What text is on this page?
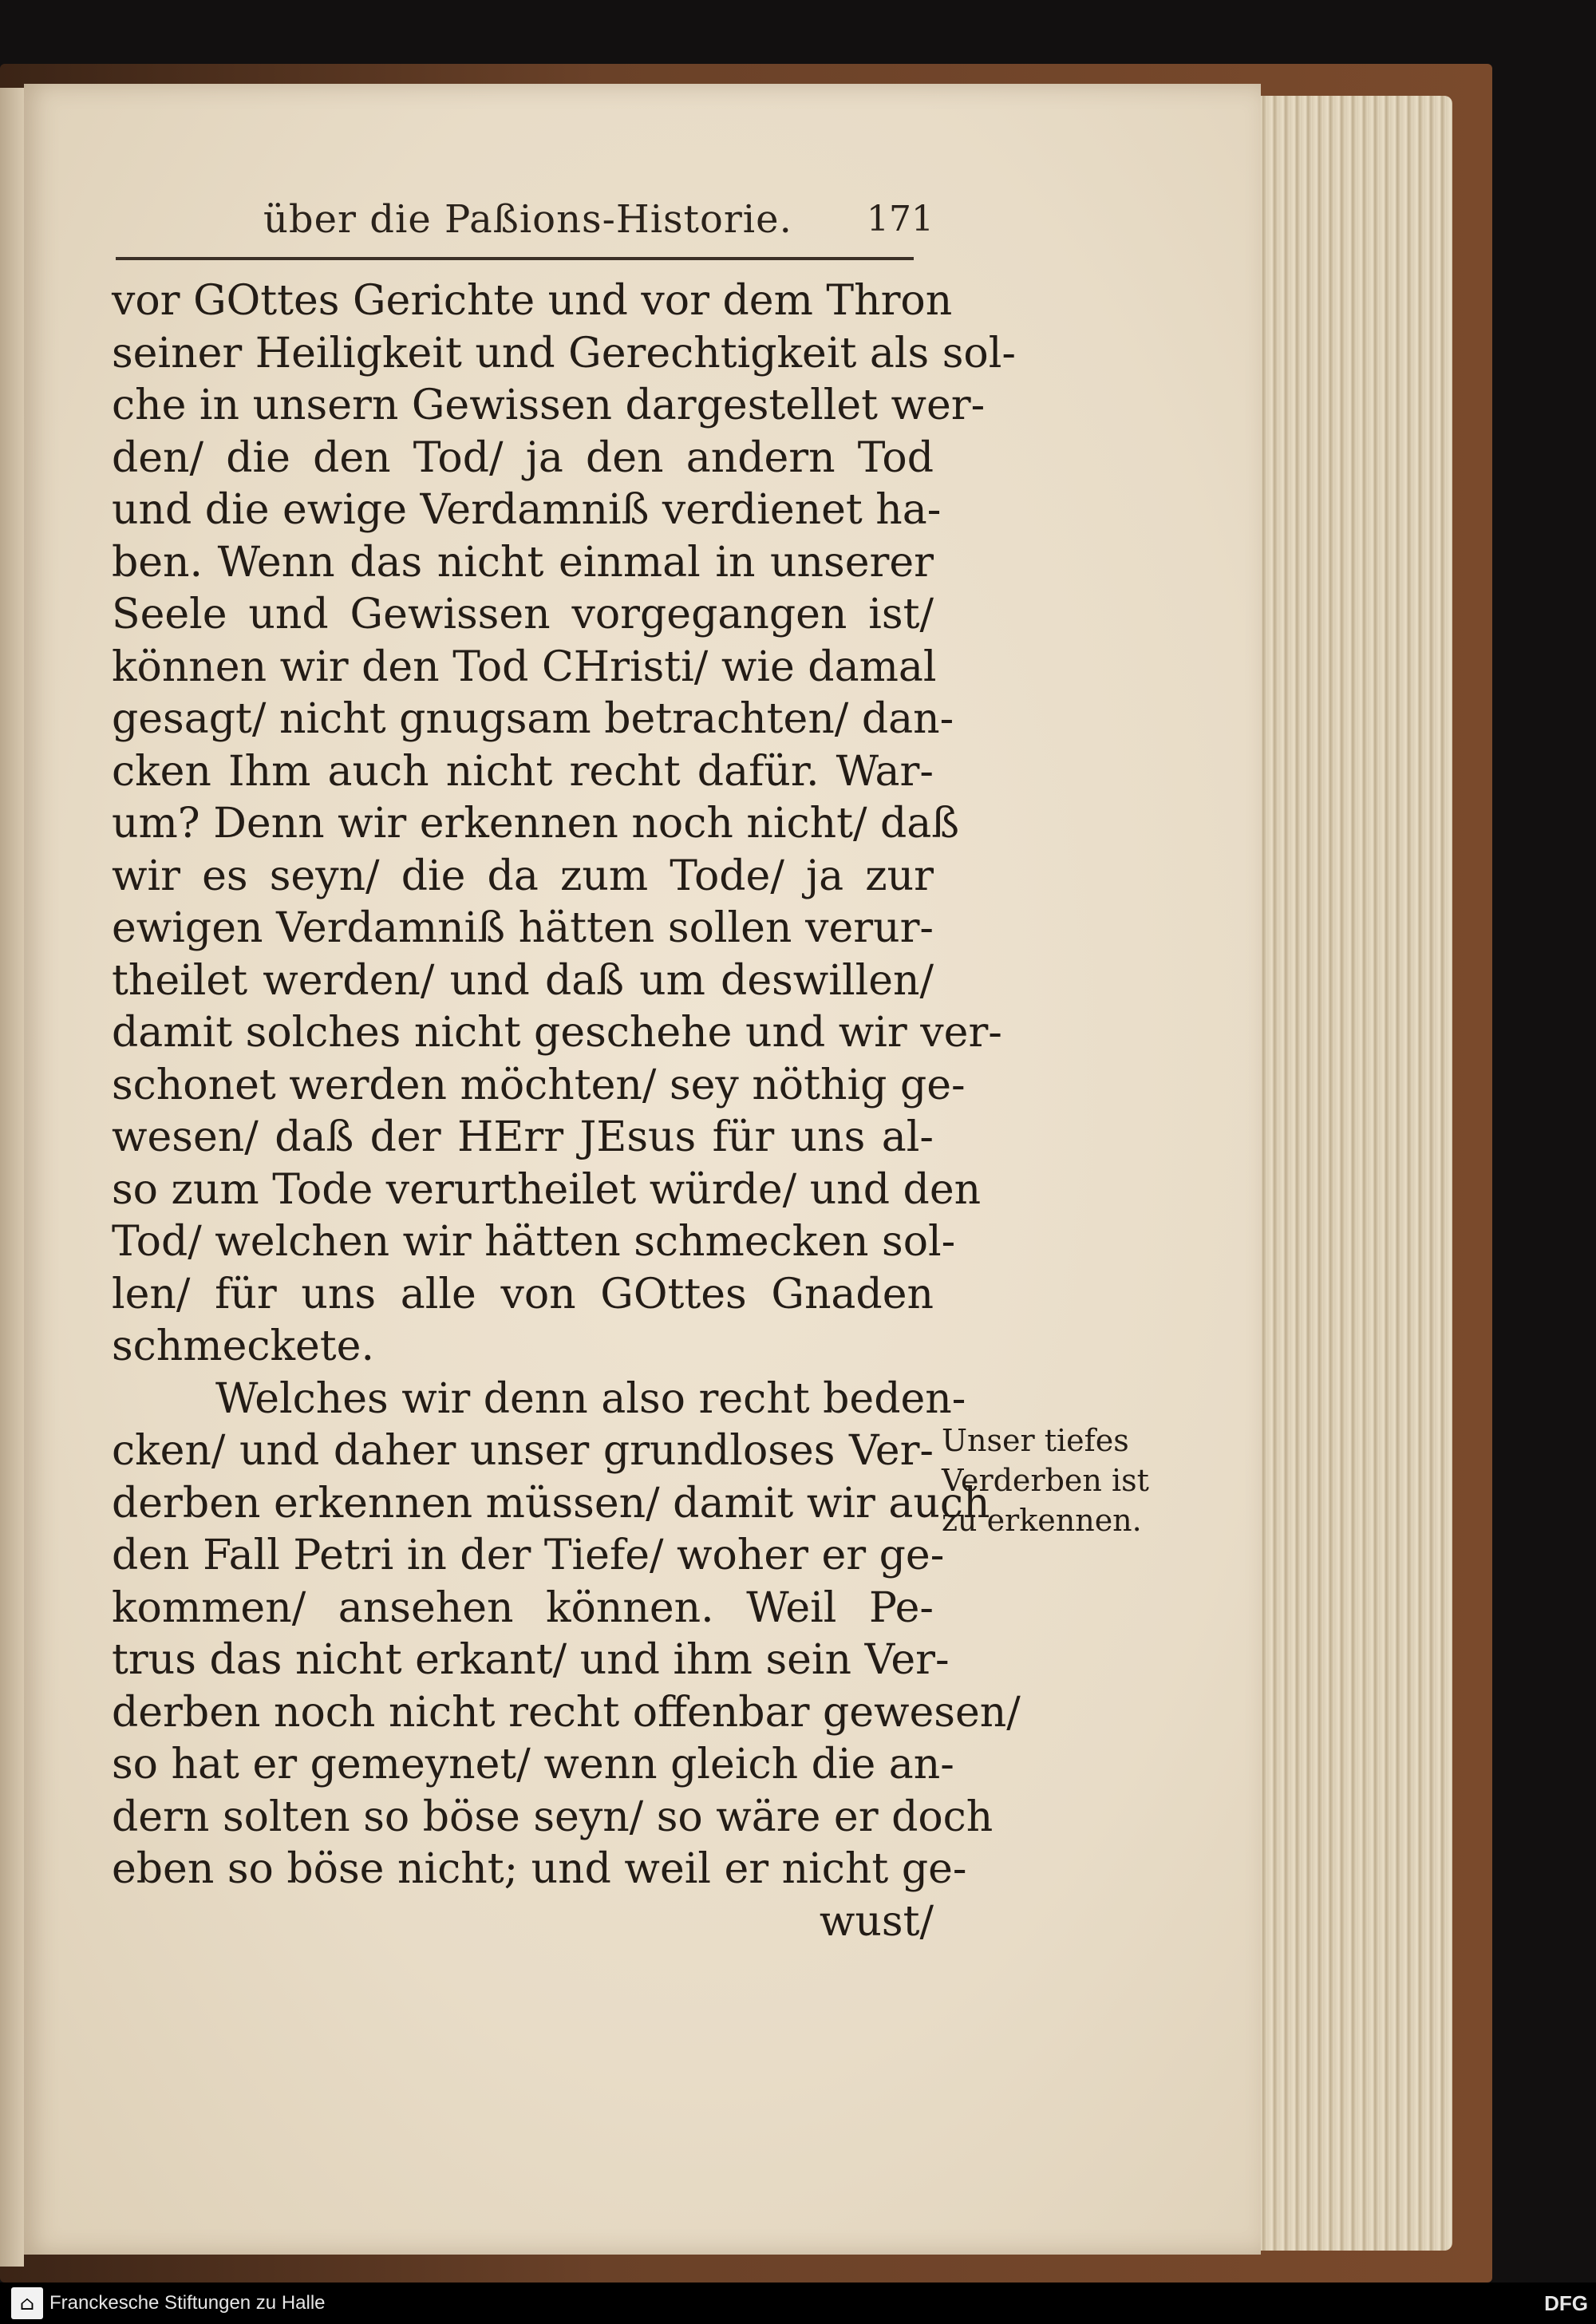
über die Paßions-Historie.	171
vor GOttes Gerichte und vor dem Thron
seiner Heiligkeit und Gerechtigkeit als sol-
che in unsern Gewissen dargestellet wer-
den/ die den Tod/ ja den andern Tod
und die ewige Verdamniß verdienet ha-
ben. Wenn das nicht einmal in unserer
Seele und Gewissen vorgegangen ist/
können wir den Tod CHristi/ wie damal
gesagt/ nicht gnugsam betrachten/ dan-
cken Ihm auch nicht recht dafür. War-
um? Denn wir erkennen noch nicht/ daß
wir es seyn/ die da zum Tode/ ja zur
ewigen Verdamniß hätten sollen verur-
theilet werden/ und daß um deswillen/
damit solches nicht geschehe und wir ver-
schonet werden möchten/ sey nöthig ge-
wesen/ daß der HErr JEsus für uns al-
so zum Tode verurtheilet würde/ und den
Tod/ welchen wir hätten schmecken sol-
len/ für uns alle von GOttes Gnaden
schmeckete.
Welches wir denn also recht beden-
cken/ und daher unser grundloses Ver-
derben erkennen müssen/ damit wir auch
den Fall Petri in der Tiefe/ woher er ge-
kommen/ ansehen können. Weil Pe-
trus das nicht erkant/ und ihm sein Ver-
derben noch nicht recht offenbar gewesen/
so hat er gemeynet/ wenn gleich die an-
dern solten so böse seyn/ so wäre er doch
eben so böse nicht; und weil er nicht ge-
wust/
Unser tiefes
Verderben ist
zu erkennen.
⌂ Franckesche Stiftungen zu Halle	DFG
